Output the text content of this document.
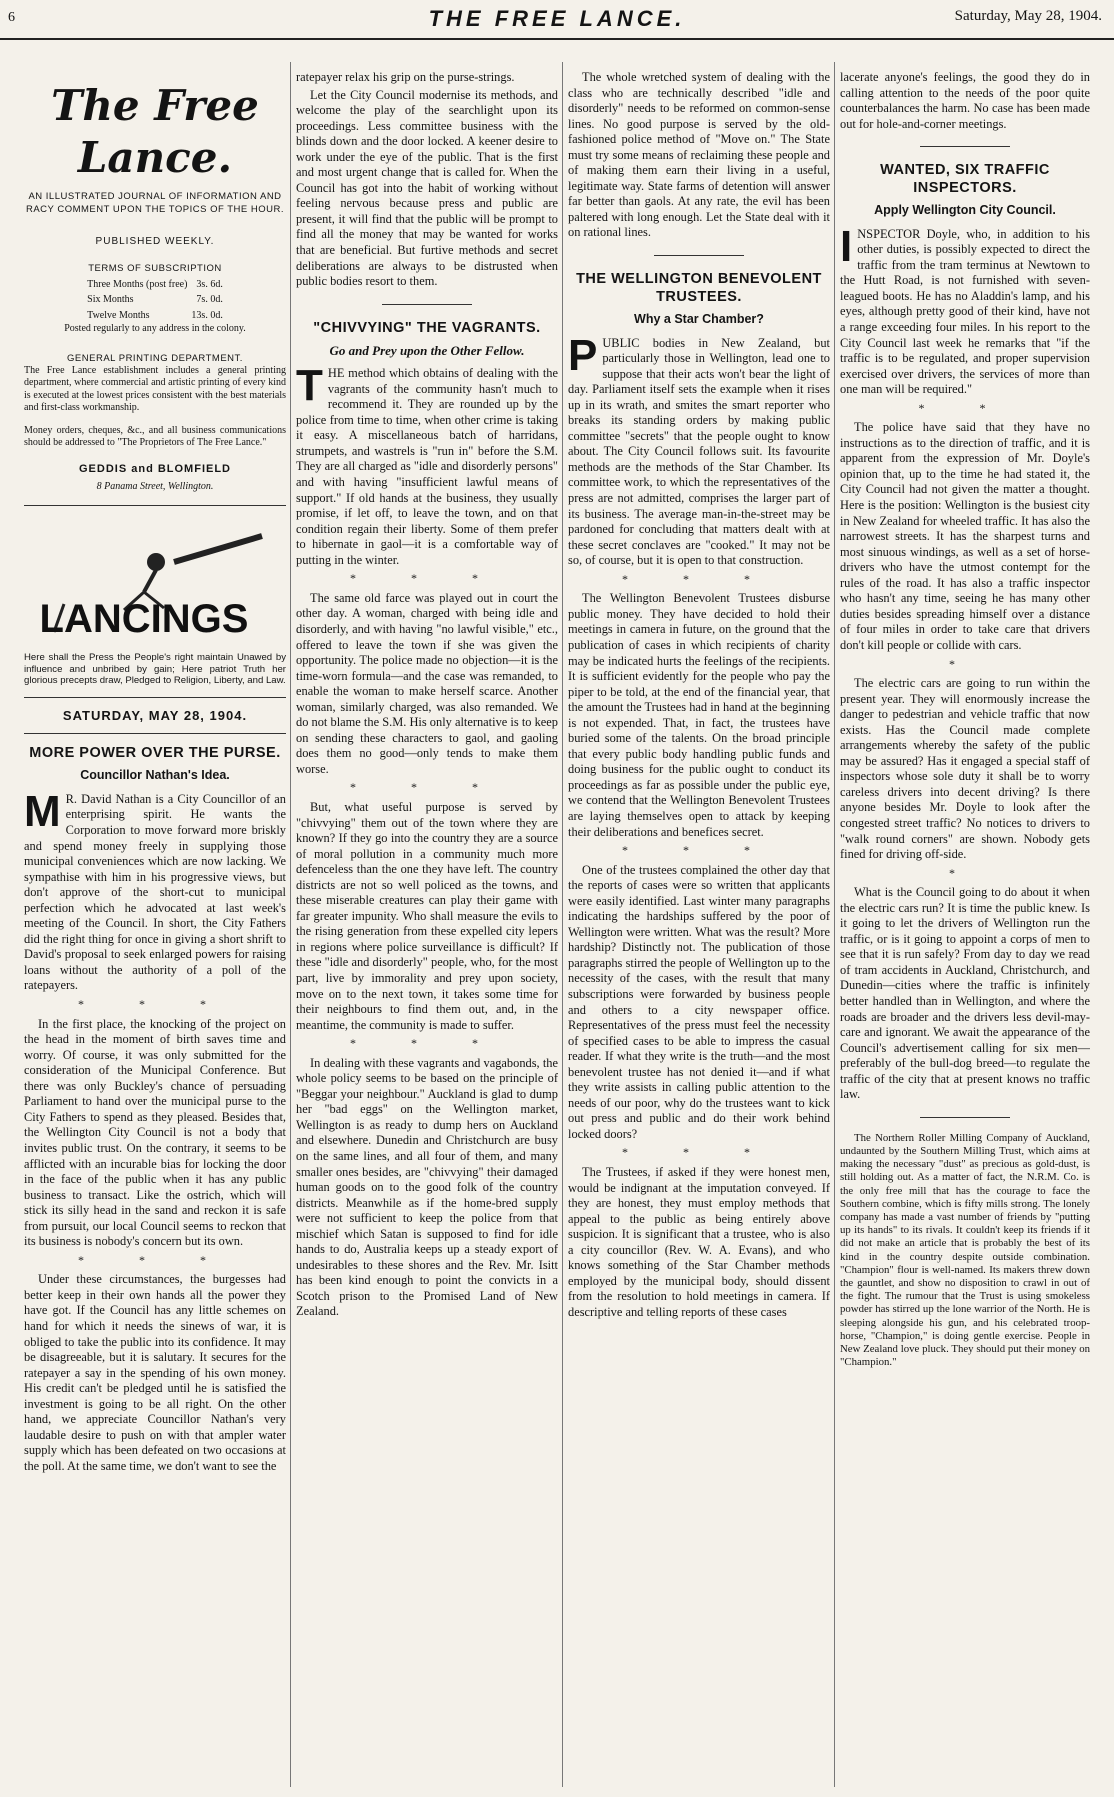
6	THE FREE LANCE.	Saturday, May 28, 1904.
The Free Lance.
AN ILLUSTRATED JOURNAL OF INFORMATION AND RACY COMMENT UPON THE TOPICS OF THE HOUR.
PUBLISHED WEEKLY.
TERMS OF SUBSCRIPTION
Three Months (post free)	3s. 6d.
Six Months	7s. 0d.
Twelve Months	13s. 0d.
Posted regularly to any address in the colony.
GENERAL PRINTING DEPARTMENT.
The Free Lance establishment includes a general printing department, where commercial and artistic printing of every kind is executed at the lowest prices consistent with the best materials and first-class workmanship.
Money orders, cheques, &c., and all business communications should be addressed to "The Proprietors of The Free Lance."
GEDDIS and BLOMFIELD
8 Panama Street, Wellington.
LANCINGS
Here shall the Press the People's right maintain Unawed by influence and unbribed by gain; Here patriot Truth her glorious precepts draw, Pledged to Religion, Liberty, and Law.
SATURDAY, MAY 28, 1904.
MORE POWER OVER THE PURSE.
Councillor Nathan's Idea.

M R. David Nathan is a City Councillor of an enterprising spirit. He wants the Corporation to move forward more briskly and spend money freely in supplying those municipal conveniences which are now lacking. We sympathise with him in his progressive views, but don't approve of the short-cut to municipal perfection which he advocated at last week's meeting of the Council. In short, the City Fathers did the right thing for once in giving a short shrift to David's proposal to seek enlarged powers for raising loans without the authority of a poll of the ratepayers.

* * *

In the first place, the knocking of the project on the head in the moment of birth saves time and worry. Of course, it was only submitted for the consideration of the Municipal Conference. But there was only Buckley's chance of persuading Parliament to hand over the municipal purse to the City Fathers to spend as they pleased. Besides that, the Wellington City Council is not a body that invites public trust. On the contrary, it seems to be afflicted with an incurable bias for locking the door in the face of the public when it has any public business to transact. Like the ostrich, which will stick its silly head in the sand and reckon it is safe from pursuit, our local Council seems to reckon that its business is nobody's concern but its own.

* * *

Under these circumstances, the burgesses had better keep in their own hands all the power they have got. If the Council has any little schemes on hand for which it needs the sinews of war, it is obliged to take the public into its confidence. It may be disagreeable, but it is salutary. It secures for the ratepayer a say in the spending of his own money. His credit can't be pledged until he is satisfied the investment is going to be all right. On the other hand, we appreciate Councillor Nathan's very laudable desire to push on with that ampler water supply which has been defeated on two occasions at the poll. At the same time, we don't want to see the

ratepayer relax his grip on the purse-strings.

Let the City Council modernise its methods, and welcome the play of the searchlight upon its proceedings. Less committee business with the blinds down and the door locked. A keener desire to work under the eye of the public. That is the first and most urgent change that is called for. When the Council has got into the habit of working without feeling nervous because press and public are present, it will find that the public will be prompt to find all the money that may be wanted for works that are beneficial. But furtive methods and secret deliberations are always to be distrusted when public bodies resort to them.

"CHIVVYING" THE VAGRANTS.
Go and Prey upon the Other Fellow.

THE method which obtains of dealing with the vagrants of the community hasn't much to recommend it. They are rounded up by the police from time to time, when other crime is taking it easy. A miscellaneous batch of harridans, strumpets, and wastrels is "run in" before the S.M. They are all charged as "idle and disorderly persons" and with having "insufficient lawful means of support." If old hands at the business, they usually promise, if let off, to leave the town, and on that condition regain their liberty. Some of them prefer to hibernate in gaol—it is a comfortable way of putting in the winter.

* * *

The same old farce was played out in court the other day. A woman, charged with being idle and disorderly, and with having "no lawful visible," etc., offered to leave the town if she was given the opportunity. The police made no objection—it is the time-worn formula—and the case was remanded, to enable the woman to make herself scarce. Another woman, similarly charged, was also remanded. We do not blame the S.M. His only alternative is to keep on sending these characters to gaol, and gaoling does them no good—only tends to make them worse.

* * *

But, what useful purpose is served by "chivvying" them out of the town where they are known? If they go into the country they are a source of moral pollution in a community much more defenceless than the one they have left. The country districts are not so well policed as the towns, and these miserable creatures can play their game with far greater impunity. Who shall measure the evils to the rising generation from these expelled city lepers in regions where police surveillance is difficult? If these "idle and disorderly" people, who, for the most part, live by immorality and prey upon society, move on to the next town, it takes some time for their neighbours to find them out, and, in the meantime, the community is made to suffer.

* * *

In dealing with these vagrants and vagabonds, the whole policy seems to be based on the principle of "Beggar your neighbour." Auckland is glad to dump her "bad eggs" on the Wellington market, Wellington is as ready to dump hers on Auckland and elsewhere. Dunedin and Christchurch are busy on the same lines, and all four of them, and many smaller ones besides, are "chivvying" their damaged human goods on to the good folk of the country districts. Meanwhile as if the home-bred supply were not sufficient to keep the police from that mischief which Satan is supposed to find for idle hands to do, Australia keeps up a steady export of undesirables to these shores and the Rev. Mr. Isitt has been kind enough to point the convicts in a Scotch prison to the Promised Land of New Zealand.

The whole wretched system of dealing with the class who are technically described "idle and disorderly" needs to be reformed on common-sense lines. No good purpose is served by the old-fashioned police method of "Move on." The State must try some means of reclaiming these people and of making them earn their living in a useful, legitimate way. State farms of detention will answer far better than gaols. At any rate, the evil has been paltered with long enough. Let the State deal with it on rational lines.

THE WELLINGTON BENEVOLENT TRUSTEES.
Why a Star Chamber?

PUBLIC bodies in New Zealand, but particularly those in Wellington, lead one to suppose that their acts won't bear the light of day. Parliament itself sets the example when it rises up in its wrath, and smites the smart reporter who breaks its standing orders by making public committee "secrets" that the people ought to know about. The City Council follows suit. Its favourite methods are the methods of the Star Chamber. Its committee work, to which the representatives of the press are not admitted, comprises the larger part of its business. The average man-in-the-street may be pardoned for concluding that matters dealt with at these secret conclaves are "cooked." It may not be so, of course, but it is open to that construction.

* * *

The Wellington Benevolent Trustees disburse public money. They have decided to hold their meetings in camera in future, on the ground that the publication of cases in which recipients of charity may be indicated hurts the feelings of the recipients. It is sufficient evidently for the people who pay the piper to be told, at the end of the financial year, that the amount the Trustees had in hand at the beginning is not expended. That, in fact, the trustees have buried some of the talents. On the broad principle that every public body handling public funds and doing business for the public ought to conduct its proceedings as far as possible under the public eye, we contend that the Wellington Benevolent Trustees are laying themselves open to attack by keeping their deliberations and benefices secret.

* * *

One of the trustees complained the other day that the reports of cases were so written that applicants were easily identified. Last winter many paragraphs indicating the hardships suffered by the poor of Wellington were written. What was the result? More hardship? Distinctly not. The publication of those paragraphs stirred the people of Wellington up to the necessity of the cases, with the result that many subscriptions were forwarded by business people and others to a city newspaper office. Representatives of the press must feel the necessity of specified cases to be able to impress the casual reader. If what they write is the truth—and the most benevolent trustee has not denied it—and if what they write assists in calling public attention to the needs of our poor, why do the trustees want to kick out press and public and do their work behind locked doors?

* * *

The Trustees, if asked if they were honest men, would be indignant at the imputation conveyed. If they are honest, they must employ methods that appeal to the public as being entirely above suspicion. It is significant that a trustee, who is also a city councillor (Rev. W. A. Evans), and who knows something of the Star Chamber methods employed by the municipal body, should dissent from the resolution to hold meetings in camera. If descriptive and telling reports of these cases

lacerate anyone's feelings, the good they do in calling attention to the needs of the poor quite counterbalances the harm. No case has been made out for hole-and-corner meetings.

WANTED, SIX TRAFFIC INSPECTORS.
Apply Wellington City Council.

INSPECTOR Doyle, who, in addition to his other duties, is possibly expected to direct the traffic from the tram terminus at Newtown to the Hutt Road, is not furnished with seven-leagued boots. He has no Aladdin's lamp, and his eyes, although pretty good of their kind, have not a range exceeding four miles. In his report to the City Council last week he remarks that "if the traffic is to be regulated, and proper supervision exercised over drivers, the services of more than one man will be required."

* *

The police have said that they have no instructions as to the direction of traffic, and it is apparent from the expression of Mr. Doyle's opinion that, up to the time he had stated it, the City Council had not given the matter a thought. Here is the position: Wellington is the busiest city in New Zealand for wheeled traffic. It has also the narrowest streets. It has the sharpest turns and most sinuous windings, as well as a set of horse-drivers who have the utmost contempt for the rules of the road. It has also a traffic inspector who hasn't any time, seeing he has many other duties besides spreading himself over a distance of four miles in order to take care that drivers don't kill people or collide with cars.

*

The electric cars are going to run within the present year. They will enormously increase the danger to pedestrian and vehicle traffic that now exists. Has the Council made complete arrangements whereby the safety of the public may be assured? Has it engaged a special staff of inspectors whose sole duty it shall be to worry careless drivers into decent driving? Is there anyone besides Mr. Doyle to look after the congested street traffic? No notices to drivers to "walk round corners" are shown. Nobody gets fined for driving off-side.

*

What is the Council going to do about it when the electric cars run? It is time the public knew. Is it going to let the drivers of Wellington run the traffic, or is it going to appoint a corps of men to see that it is run safely? From day to day we read of tram accidents in Auckland, Christchurch, and Dunedin—cities where the traffic is infinitely better handled than in Wellington, and where the roads are broader and the drivers less devil-may-care and ignorant. We await the appearance of the Council's advertisement calling for six men—preferably of the bull-dog breed—to regulate the traffic of the city that at present knows no traffic law.

The Northern Roller Milling Company of Auckland, undaunted by the Southern Milling Trust, which aims at making the necessary "dust" as precious as gold-dust, is still holding out. As a matter of fact, the N.R.M. Co. is the only free mill that has the courage to face the Southern combine, which is fifty mills strong. The lonely company has made a vast number of friends by "putting up its hands" to its rivals. It couldn't keep its friends if it did not make an article that is probably the best of its kind in the country despite outside combination. "Champion" flour is well-named. Its makers threw down the gauntlet, and show no disposition to crawl in out of the fight. The rumour that the Trust is using smokeless powder has stirred up the lone warrior of the North. He is sleeping alongside his gun, and his celebrated troop-horse, "Champion," is doing gentle exercise. People in New Zealand love pluck. They should put their money on "Champion."
